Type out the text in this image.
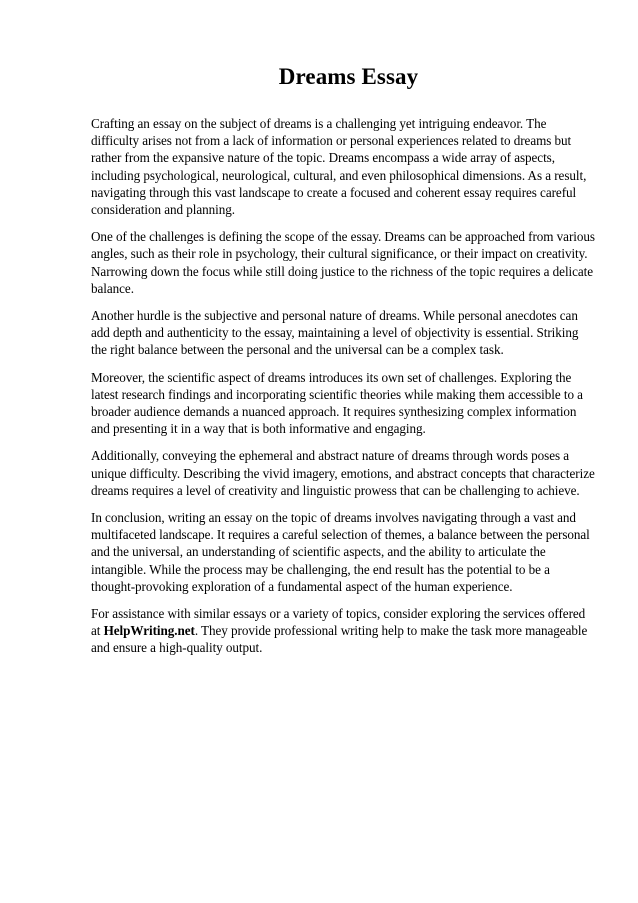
Dreams Essay

Crafting an essay on the subject of dreams is a challenging yet intriguing endeavor. The difficulty arises not from a lack of information or personal experiences related to dreams but rather from the expansive nature of the topic. Dreams encompass a wide array of aspects, including psychological, neurological, cultural, and even philosophical dimensions. As a result, navigating through this vast landscape to create a focused and coherent essay requires careful consideration and planning.

One of the challenges is defining the scope of the essay. Dreams can be approached from various angles, such as their role in psychology, their cultural significance, or their impact on creativity. Narrowing down the focus while still doing justice to the richness of the topic requires a delicate balance.

Another hurdle is the subjective and personal nature of dreams. While personal anecdotes can add depth and authenticity to the essay, maintaining a level of objectivity is essential. Striking the right balance between the personal and the universal can be a complex task.

Moreover, the scientific aspect of dreams introduces its own set of challenges. Exploring the latest research findings and incorporating scientific theories while making them accessible to a broader audience demands a nuanced approach. It requires synthesizing complex information and presenting it in a way that is both informative and engaging.

Additionally, conveying the ephemeral and abstract nature of dreams through words poses a unique difficulty. Describing the vivid imagery, emotions, and abstract concepts that characterize dreams requires a level of creativity and linguistic prowess that can be challenging to achieve.

In conclusion, writing an essay on the topic of dreams involves navigating through a vast and multifaceted landscape. It requires a careful selection of themes, a balance between the personal and the universal, an understanding of scientific aspects, and the ability to articulate the intangible. While the process may be challenging, the end result has the potential to be a thought-provoking exploration of a fundamental aspect of the human experience.

For assistance with similar essays or a variety of topics, consider exploring the services offered at HelpWriting.net. They provide professional writing help to make the task more manageable and ensure a high-quality output.
